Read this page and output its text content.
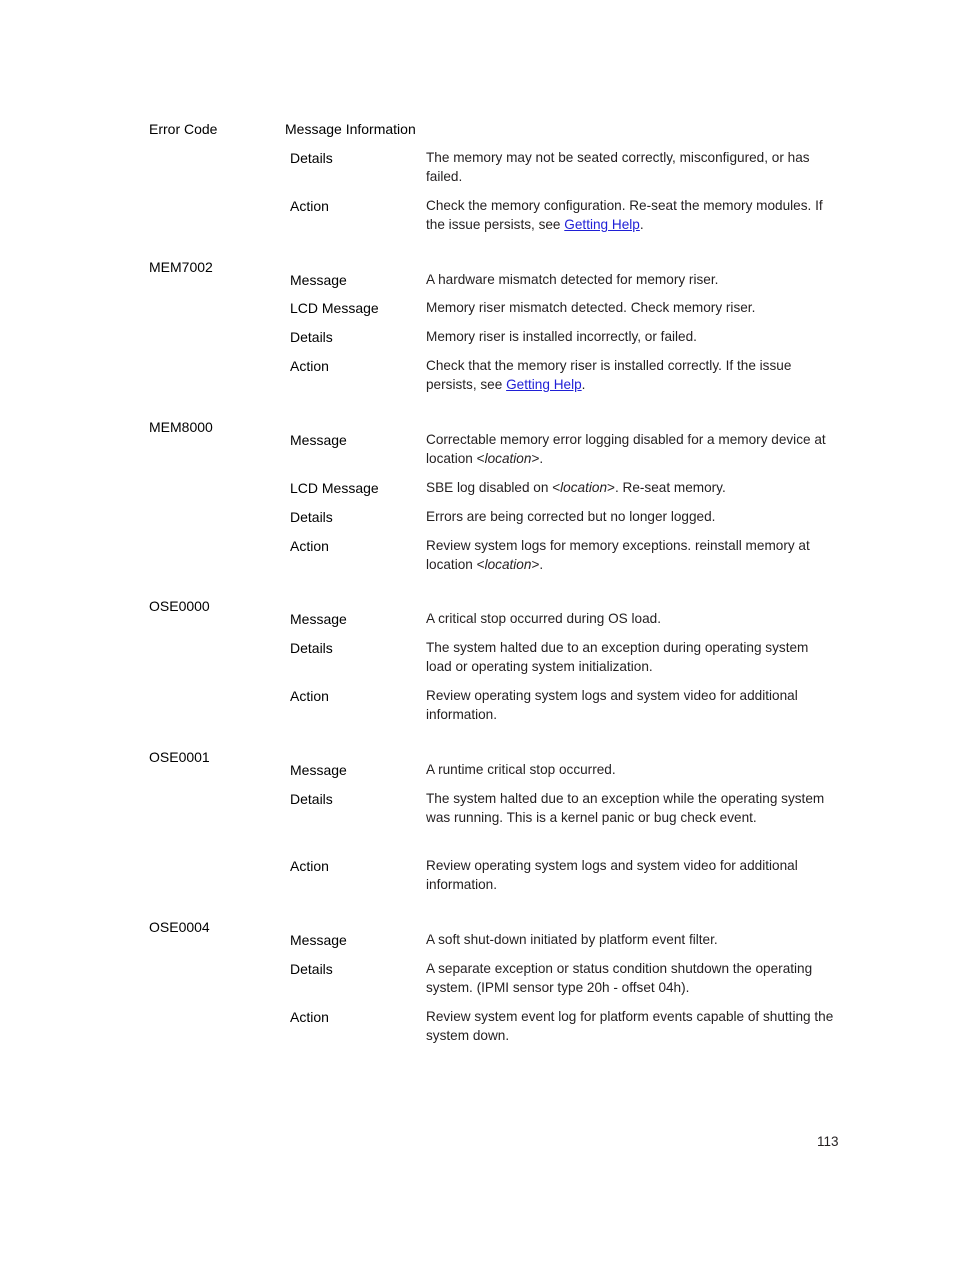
Error Code	Message Information
Details	The memory may not be seated correctly, misconfigured, or has failed.
Action	Check the memory configuration. Re-seat the memory modules. If the issue persists, see Getting Help.
MEM7002
Message	A hardware mismatch detected for memory riser.
LCD Message	Memory riser mismatch detected. Check memory riser.
Details	Memory riser is installed incorrectly, or failed.
Action	Check that the memory riser is installed correctly. If the issue persists, see Getting Help.
MEM8000
Message	Correctable memory error logging disabled for a memory device at location <location>.
LCD Message	SBE log disabled on <location>. Re-seat memory.
Details	Errors are being corrected but no longer logged.
Action	Review system logs for memory exceptions. reinstall memory at location <location>.
OSE0000
Message	A critical stop occurred during OS load.
Details	The system halted due to an exception during operating system load or operating system initialization.
Action	Review operating system logs and system video for additional information.
OSE0001
Message	A runtime critical stop occurred.
Details	The system halted due to an exception while the operating system was running. This is a kernel panic or bug check event.
Action	Review operating system logs and system video for additional information.
OSE0004
Message	A soft shut-down initiated by platform event filter.
Details	A separate exception or status condition shutdown the operating system. (IPMI sensor type 20h - offset 04h).
Action	Review system event log for platform events capable of shutting the system down.
113
